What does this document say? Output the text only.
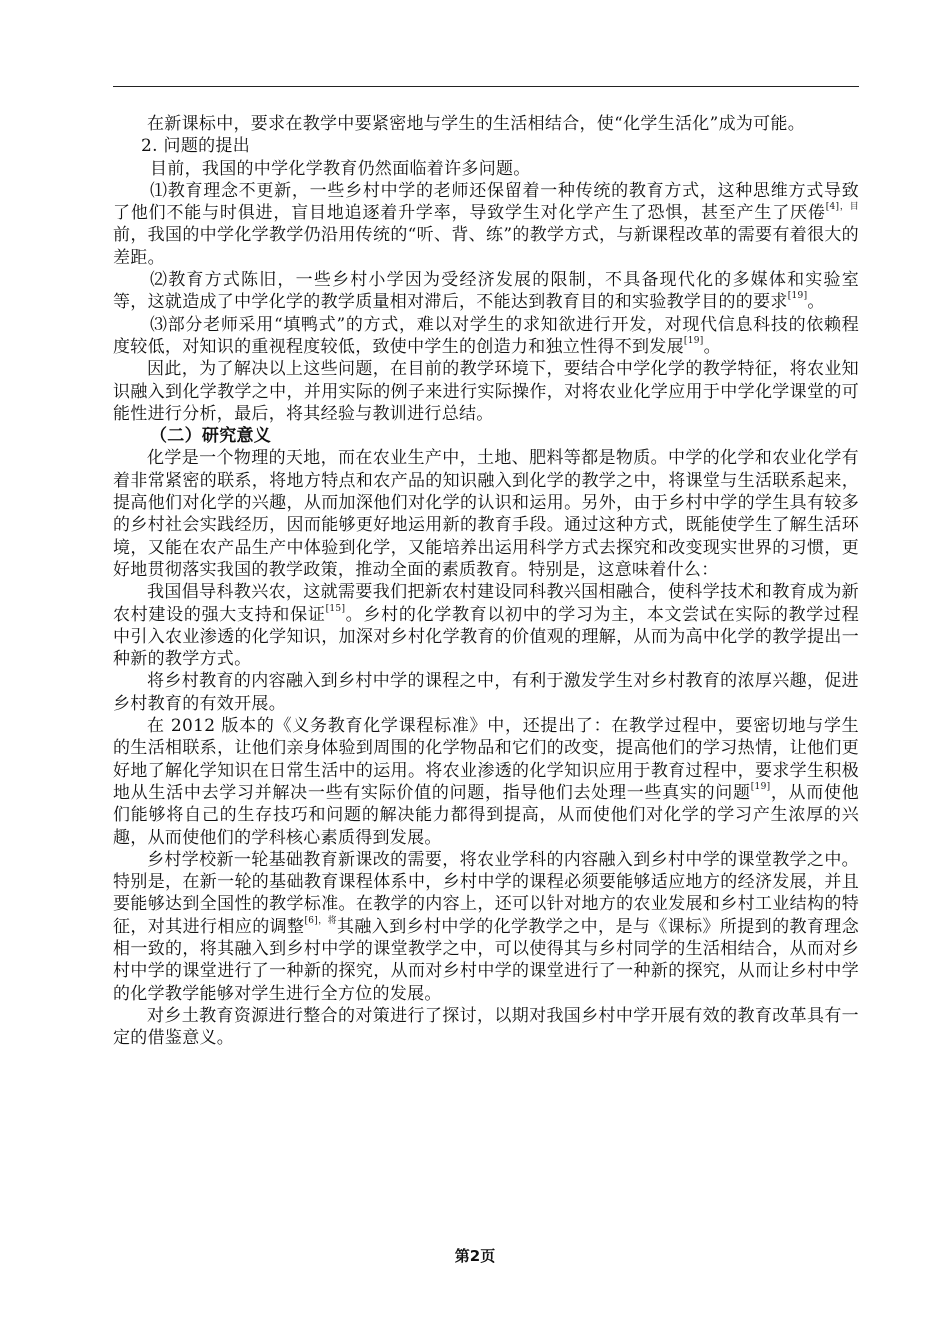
在新课标中，要求在教学中要紧密地与学生的生活相结合，使“化学生活化”成为可能。

2. 问题的提出

目前，我国的中学化学教育仍然面临着许多问题。

⑴教育理念不更新，一些乡村中学的老师还保留着一种传统的教育方式，这种思维方式导致了他们不能与时俱进，盲目地追逐着升学率，导致学生对化学产生了恐惧，甚至产生了厌倦$^{[4],目}$前，我国的中学化学教学仍沿用传统的“听、背、练”的教学方式，与新课程改革的需要有着很大的差距。

⑵教育方式陈旧，一些乡村小学因为受经济发展的限制，不具备现代化的多媒体和实验室等，这就造成了中学化学的教学质量相对滞后，不能达到教育目的和实验教学目的的要求[19]。

⑶部分老师采用“填鸭式”的方式，难以对学生的求知欲进行开发，对现代信息科技的依赖程度较低，对知识的重视程度较低，致使中学生的创造力和独立性得不到发展[19]。

因此，为了解决以上这些问题，在目前的教学环境下，要结合中学化学的教学特征，将农业知识融入到化学教学之中，并用实际的例子来进行实际操作，对将农业化学应用于中学化学课堂的可能性进行分析，最后，将其经验与教训进行总结。

（二）研究意义

化学是一个物理的天地，而在农业生产中，土地、肥料等都是物质。中学的化学和农业化学有着非常紧密的联系，将地方特点和农产品的知识融入到化学的教学之中，将课堂与生活联系起来，提高他们对化学的兴趣，从而加深他们对化学的认识和运用。另外，由于乡村中学的学生具有较多的乡村社会实践经历，因而能够更好地运用新的教育手段。通过这种方式，既能使学生了解生活环境，又能在农产品生产中体验到化学，又能培养出运用科学方式去探究和改变现实世界的习惯，更好地贯彻落实我国的教学政策，推动全面的素质教育。特别是，这意味着什么：

我国倡导科教兴农，这就需要我们把新农村建设同科教兴国相融合，使科学技术和教育成为新农村建设的强大支持和保证[15]。乡村的化学教育以初中的学习为主，本文尝试在实际的教学过程中引入农业渗透的化学知识，加深对乡村化学教育的价值观的理解，从而为高中化学的教学提出一种新的教学方式。

将乡村教育的内容融入到乡村中学的课程之中，有利于激发学生对乡村教育的浓厚兴趣，促进乡村教育的有效开展。

在 2012 版本的《义务教育化学课程标准》中，还提出了：在教学过程中，要密切地与学生的生活相联系，让他们亲身体验到周围的化学物品和它们的改变，提高他们的学习热情，让他们更好地了解化学知识在日常生活中的运用。将农业渗透的化学知识应用于教育过程中，要求学生积极地从生活中去学习并解决一些有实际价值的问题，指导他们去处理一些真实的问题[19]，从而使他们能够将自己的生存技巧和问题的解决能力都得到提高，从而使他们对化学的学习产生浓厚的兴趣，从而使他们的学科核心素质得到发展。

乡村学校新一轮基础教育新课改的需要，将农业学科的内容融入到乡村中学的课堂教学之中。特别是，在新一轮的基础教育课程体系中，乡村中学的课程必须要能够适应地方的经济发展，并且要能够达到全国性的教学标准。在教学的内容上，还可以针对地方的农业发展和乡村工业结构的特征，对其进行相应的调整$^{[6],将}$其融入到乡村中学的化学教学之中，是与《课标》所提到的教育理念相一致的，将其融入到乡村中学的课堂教学之中，可以使得其与乡村同学的生活相结合，从而对乡村中学的课堂进行了一种新的探究，从而对乡村中学的课堂进行了一种新的探究，从而让乡村中学的化学教学能够对学生进行全方位的发展。

对乡土教育资源进行整合的对策进行了探讨，以期对我国乡村中学开展有效的教育改革具有一定的借鉴意义。

第2页
